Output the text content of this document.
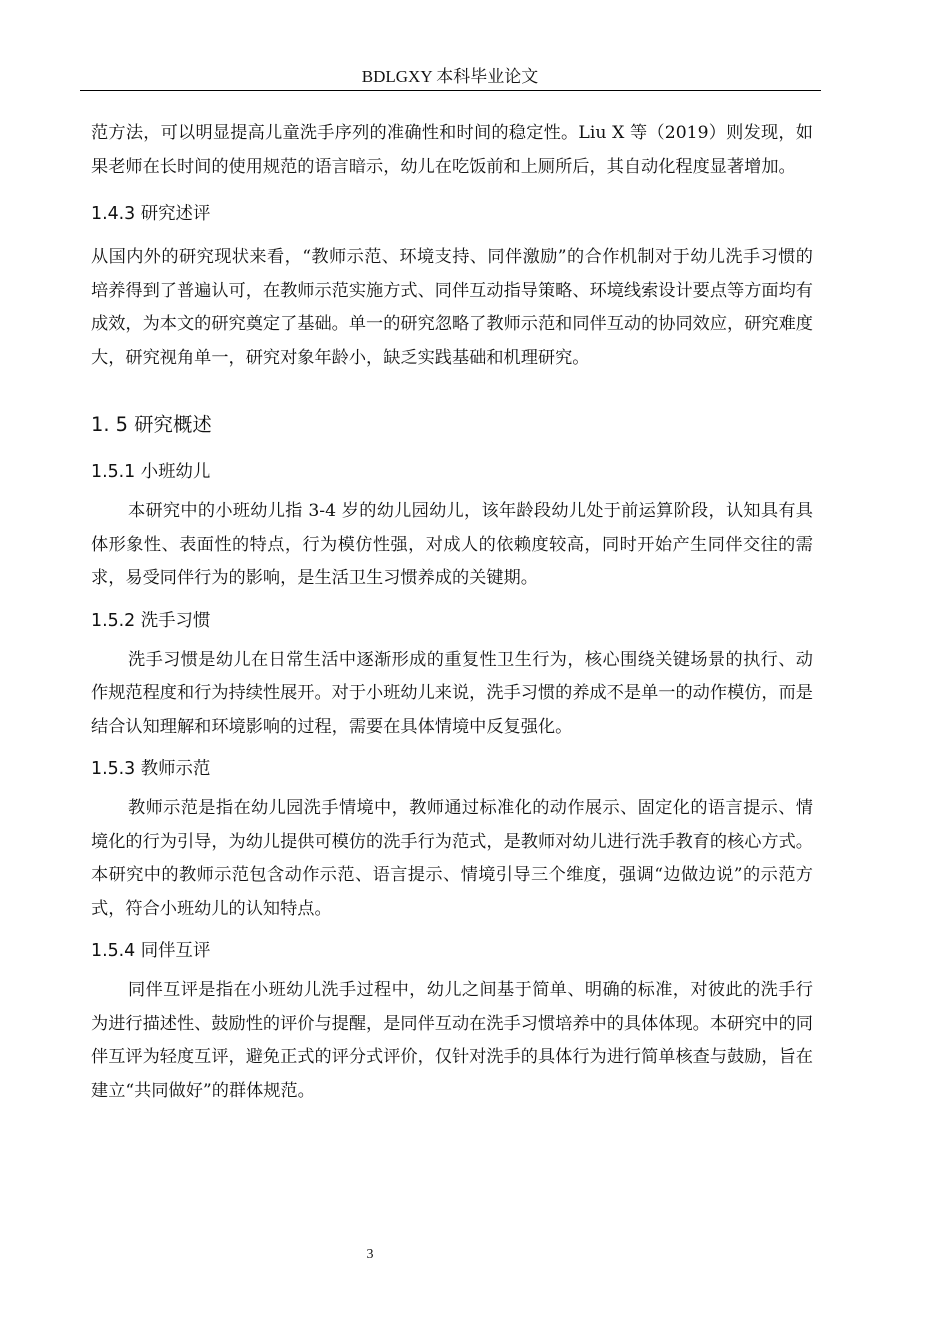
BDLGXY 本科毕业论文

范方法，可以明显提高儿童洗手序列的准确性和时间的稳定性。Liu X 等（2019）则发现，如果老师在长时间的使用规范的语言暗示，幼儿在吃饭前和上厕所后，其自动化程度显著增加。

1.4.3 研究述评

从国内外的研究现状来看，“教师示范、环境支持、同伴激励”的合作机制对于幼儿洗手习惯的培养得到了普遍认可，在教师示范实施方式、同伴互动指导策略、环境线索设计要点等方面均有成效，为本文的研究奠定了基础。单一的研究忽略了教师示范和同伴互动的协同效应，研究难度大，研究视角单一，研究对象年龄小，缺乏实践基础和机理研究。

1. 5 研究概述
1.5.1 小班幼儿

本研究中的小班幼儿指 3-4 岁的幼儿园幼儿，该年龄段幼儿处于前运算阶段，认知具有具体形象性、表面性的特点，行为模仿性强，对成人的依赖度较高，同时开始产生同伴交往的需求，易受同伴行为的影响，是生活卫生习惯养成的关键期。

1.5.2 洗手习惯

洗手习惯是幼儿在日常生活中逐渐形成的重复性卫生行为，核心围绕关键场景的执行、动作规范程度和行为持续性展开。对于小班幼儿来说，洗手习惯的养成不是单一的动作模仿，而是结合认知理解和环境影响的过程，需要在具体情境中反复强化。

1.5.3 教师示范

教师示范是指在幼儿园洗手情境中，教师通过标准化的动作展示、固定化的语言提示、情境化的行为引导，为幼儿提供可模仿的洗手行为范式，是教师对幼儿进行洗手教育的核心方式。本研究中的教师示范包含动作示范、语言提示、情境引导三个维度，强调“边做边说”的示范方式，符合小班幼儿的认知特点。

1.5.4 同伴互评

同伴互评是指在小班幼儿洗手过程中，幼儿之间基于简单、明确的标准，对彼此的洗手行为进行描述性、鼓励性的评价与提醒，是同伴互动在洗手习惯培养中的具体体现。本研究中的同伴互评为轻度互评，避免正式的评分式评价，仅针对洗手的具体行为进行简单核查与鼓励，旨在建立“共同做好”的群体规范。

3
